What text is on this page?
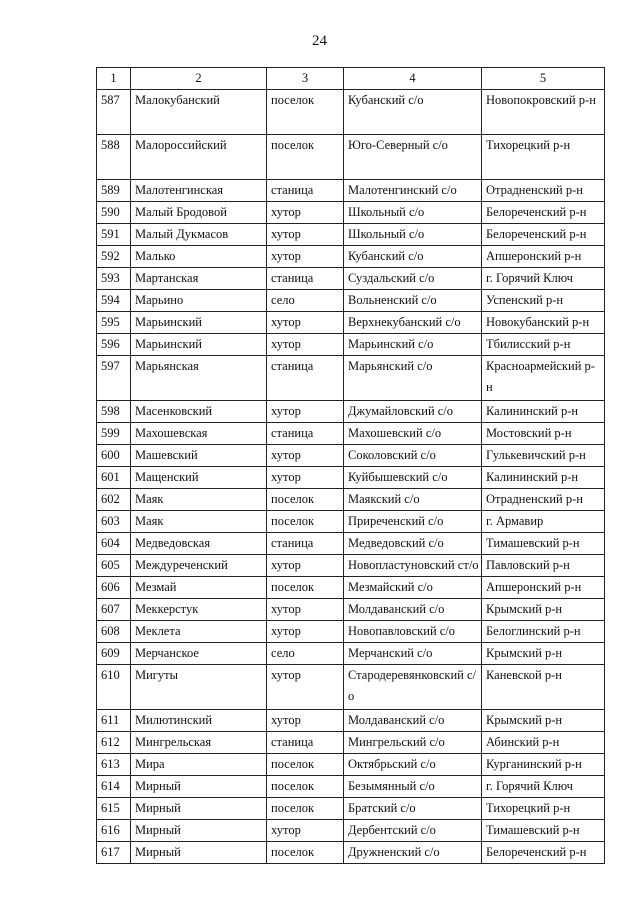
24
1	2	3	4	5
587	Малокубанский	поселок	Кубанский с/о	Новопокровский р-н
588	Малороссийский	поселок	Юго-Северный с/о	Тихорецкий р-н
589	Малотенгинская	станица	Малотенгинский с/о	Отрадненский р-н
590	Малый Бродовой	хутор	Школьный с/о	Белореченский р-н
591	Малый Дукмасов	хутор	Школьный с/о	Белореченский р-н
592	Малько	хутор	Кубанский с/о	Апшеронский р-н
593	Мартанская	станица	Суздальский с/о	г. Горячий Ключ
594	Марьино	село	Вольненский с/о	Успенский р-н
595	Марьинский	хутор	Верхнекубанский с/о	Новокубанский р-н
596	Марьинский	хутор	Марьинский с/о	Тбилисский р-н
597	Марьянская	станица	Марьянский с/о	Красноармейский р-н
598	Масенковский	хутор	Джумайловский с/о	Калининский р-н
599	Махошевская	станица	Махошевский с/о	Мостовский р-н
600	Машевский	хутор	Соколовский с/о	Гулькевичский р-н
601	Мащенский	хутор	Куйбышевский с/о	Калининский р-н
602	Маяк	поселок	Маякский с/о	Отрадненский р-н
603	Маяк	поселок	Приреченский с/о	г. Армавир
604	Медведовская	станица	Медведовский с/о	Тимашевский р-н
605	Междуреченский	хутор	Новопластуновский ст/о	Павловский р-н
606	Мезмай	поселок	Мезмайский с/о	Апшеронский р-н
607	Меккерстук	хутор	Молдаванский с/о	Крымский р-н
608	Меклета	хутор	Новопавловский с/о	Белоглинский р-н
609	Мерчанское	село	Мерчанский с/о	Крымский р-н
610	Мигуты	хутор	Стародеревянковский с/о	Каневской р-н
611	Милютинский	хутор	Молдаванский с/о	Крымский р-н
612	Мингрельская	станица	Мингрельский с/о	Абинский р-н
613	Мира	поселок	Октябрьский с/о	Курганинский р-н
614	Мирный	поселок	Безымянный с/о	г. Горячий Ключ
615	Мирный	поселок	Братский с/о	Тихорецкий р-н
616	Мирный	хутор	Дербентский с/о	Тимашевский р-н
617	Мирный	поселок	Дружненский с/о	Белореченский р-н
